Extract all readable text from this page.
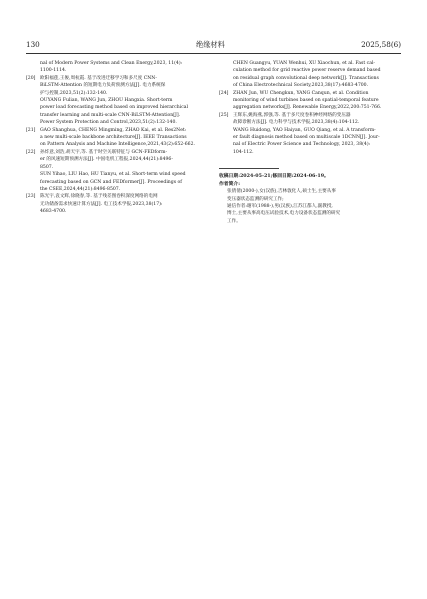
130	绝缘材料	2025,58(6)
nal of Modern Power Systems and Clean Energy,2023, 11(4):
1100-1114.
[20] 欧阳福莲,王俊,周杭霞. 基于改进迁移学习和多尺度 CNN-
BiLSTM-Attention 的短期电力负荷预测方法[J]. 电力系统保
护与控制,2023,51(2):132-140.
OUYANG Fulian, WANG Jun, ZHOU Hangxia. Short-term
power load forecasting method based on improved hierarchical
transfer learning and multi-scale CNN-BiLSTM-Attention[J].
Power System Protection and Control,2023,51(2):132-140.
[21] GAO Shanghua, CHENG Mingming, ZHAO Kai, et al. Res2Net:
a new multi-scale backbone architecture[J]. IEEE Transactions
on Pattern Analysis and Machine Intelligence,2021,43(2):652-662.
[22] 孙炸意,刘浩,胡天宇,等. 基于时空关联特征与 GCN-FEDform-
er 的风速短期预测方法[J]. 中国电机工程报,2024,44(21):8496-
8507.
SUN Yihao, LIU Hao, HU Tianyu, et al. Short-term wind speed
forecasting based on GCN and FEDformer[J]. Proceedings of
the CSEE,2024,44(21):8496-8507.
[23] 陈光宇,袁文辉,徐晓春,等. 基于残差图卷积深度网络的电网
无功储备需求快速计算方法[J]. 电工技术学报,2023,38(17):
4683-4700.
CHEN Guangyu, YUAN Wenhui, XU Xiaochun, et al. Fast cal-
culation method for grid reactive power reserve demand based
on residual graph convolutional deep network[J]. Transactions
of China Electrotechnical Society,2023,38(17):4683-4700.
[24] ZHAN Jun, WU Chengkun, YANG Canqun, et al. Condition
monitoring of wind turbines based on spatial-temporal feature
aggregation networks[J]. Renewable Energy,2022,200:751-766.
[25] 王辉东,姚海燕,郭强,等. 基于多尺度卷积神经网络的变压器
故障诊断方法[J]. 电力科学与技术学报,2023,38(4):104-112.
WANG Huidong, YAO Haiyan, GUO Qiang, et al. A transform-
er fault diagnosis method based on multiscale 1DCNN[J]. Jour-
nal of Electric Power Science and Technology, 2023, 38(4):
104-112.
收稿日期:2024-05-21;修回日期:2024-06-19。
作者简介:
张倩倩(2000-),女(汉族),吉林敦化人,硕士生,主要从事
变压器状态监测的研究工作;
通信作者:谢军(1988-),男(汉族),江苏江都人,副教授,
博士,主要从事高电压试验技术,电力设备状态监测的研究
工作。
